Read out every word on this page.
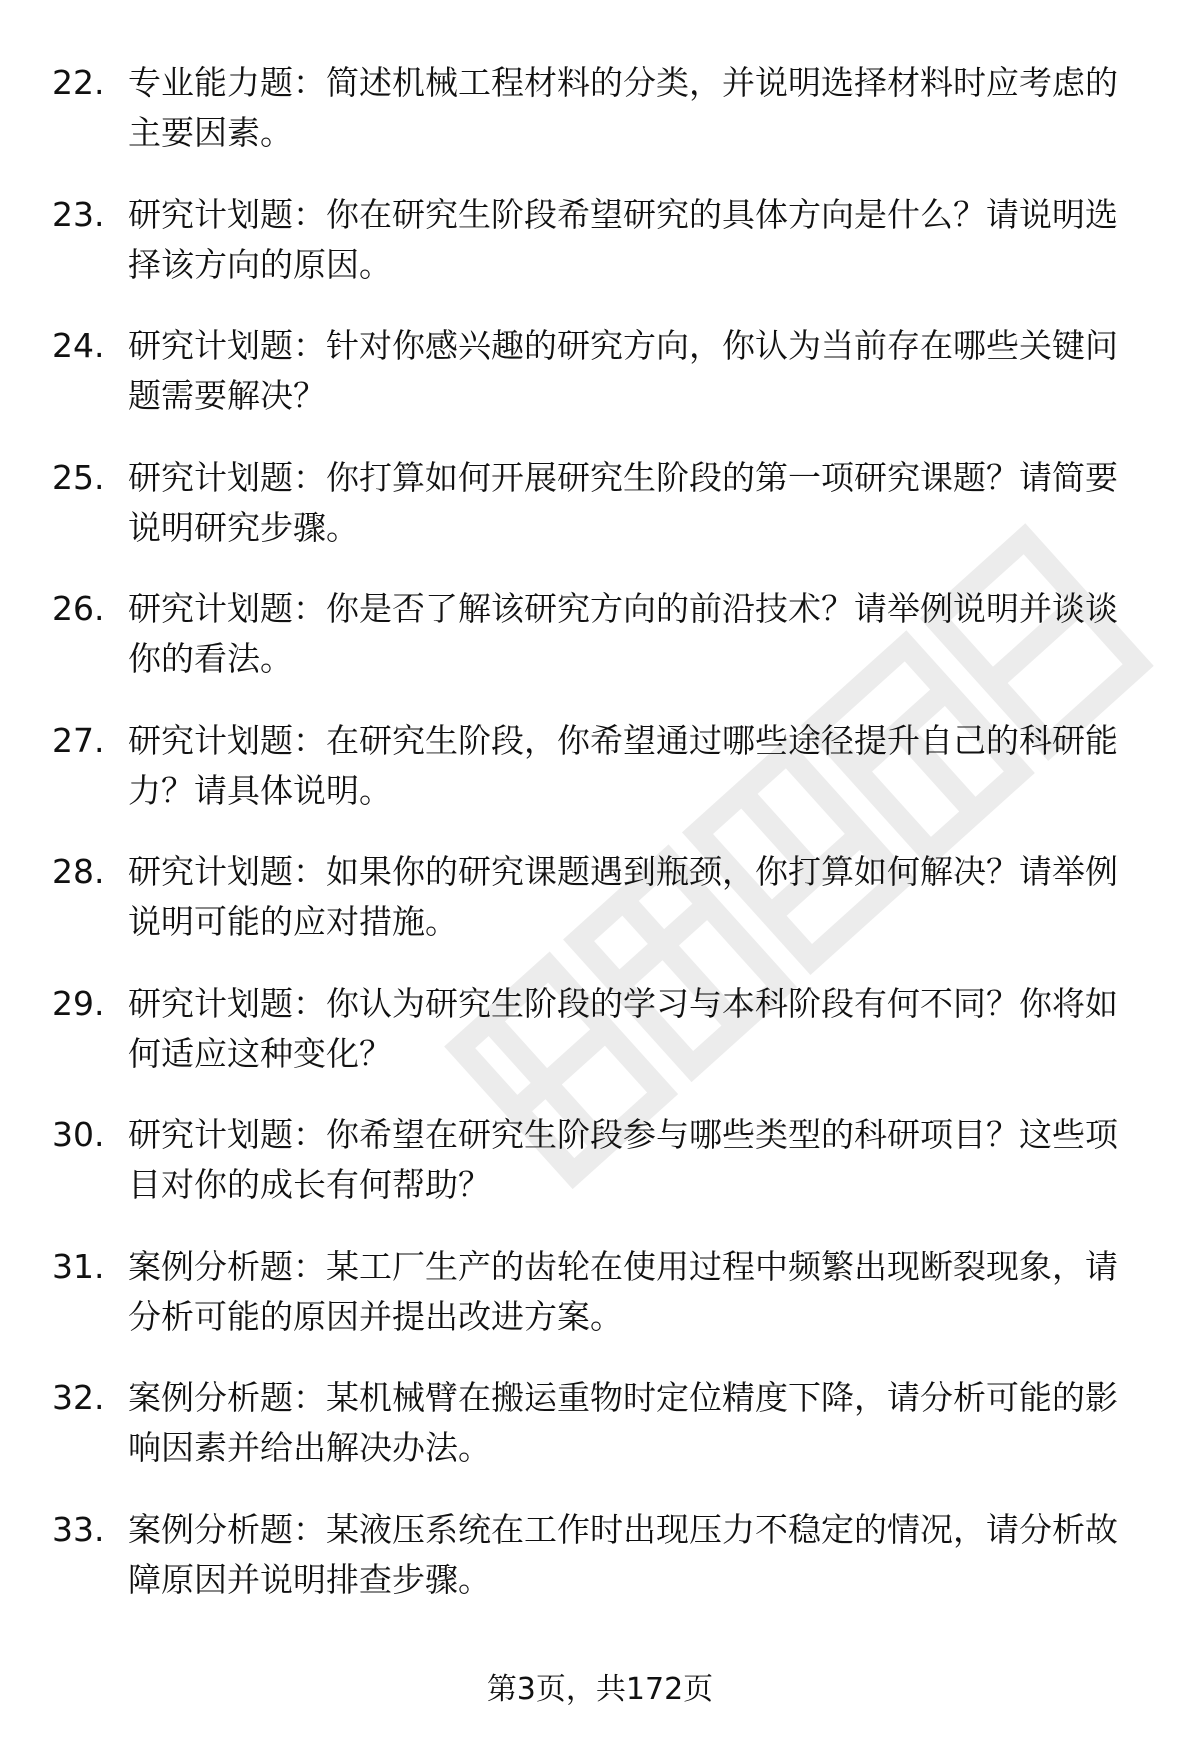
22. 专业能力题：简述机械工程材料的分类，并说明选择材料时应考虑的主要因素。
23. 研究计划题：你在研究生阶段希望研究的具体方向是什么？请说明选择该方向的原因。
24. 研究计划题：针对你感兴趣的研究方向，你认为当前存在哪些关键问题需要解决？
25. 研究计划题：你打算如何开展研究生阶段的第一项研究课题？请简要说明研究步骤。
26. 研究计划题：你是否了解该研究方向的前沿技术？请举例说明并谈谈你的看法。
27. 研究计划题：在研究生阶段，你希望通过哪些途径提升自己的科研能力？请具体说明。
28. 研究计划题：如果你的研究课题遇到瓶颈，你打算如何解决？请举例说明可能的应对措施。
29. 研究计划题：你认为研究生阶段的学习与本科阶段有何不同？你将如何适应这种变化？
30. 研究计划题：你希望在研究生阶段参与哪些类型的科研项目？这些项目对你的成长有何帮助？
31. 案例分析题：某工厂生产的齿轮在使用过程中频繁出现断裂现象，请分析可能的原因并提出改进方案。
32. 案例分析题：某机械臂在搬运重物时定位精度下降，请分析可能的影响因素并给出解决办法。
33. 案例分析题：某液压系统在工作时出现压力不稳定的情况，请分析故障原因并说明排查步骤。
第3页，共172页
